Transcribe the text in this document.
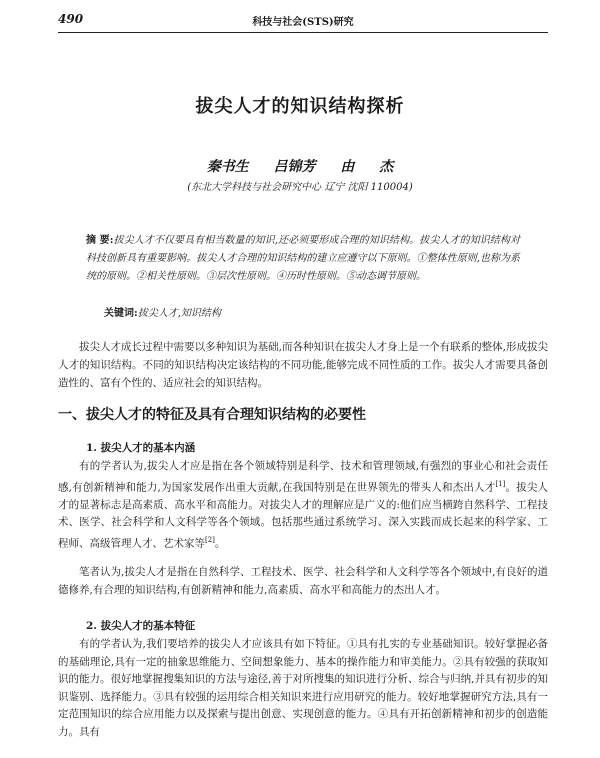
490	科技与社会(STS)研究
拔尖人才的知识结构探析
秦书生 吕锦芳 由 杰
(东北大学科技与社会研究中心 辽宁 沈阳 110004)
摘 要:拔尖人才不仅要具有相当数量的知识,还必须要形成合理的知识结构。拔尖人才的知识结构对科技创新具有重要影响。拔尖人才合理的知识结构的建立应遵守以下原则。①整体性原则,也称为系统的原则。②相关性原则。③层次性原则。④历时性原则。⑤动态调节原则。
关键词:拔尖人才,知识结构
拔尖人才成长过程中需要以多种知识为基础,而各种知识在拔尖人才身上是一个有联系的整体,形成拔尖人才的知识结构。不同的知识结构决定该结构的不同功能,能够完成不同性质的工作。拔尖人才需要具备创造性的、富有个性的、适应社会的知识结构。
一、拔尖人才的特征及具有合理知识结构的必要性
1. 拔尖人才的基本内涵
有的学者认为,拔尖人才应是指在各个领域特别是科学、技术和管理领域,有强烈的事业心和社会责任感,有创新精神和能力,为国家发展作出重大贡献,在我国特别是在世界领先的带头人和杰出人才[1]。拔尖人才的显著标志是高素质、高水平和高能力。对拔尖人才的理解应是广义的:他们应当横跨自然科学、工程技术、医学、社会科学和人文科学等各个领域。包括那些通过系统学习、深入实践而成长起来的科学家、工程师、高级管理人才、艺术家等[2]。
笔者认为,拔尖人才是指在自然科学、工程技术、医学、社会科学和人文科学等各个领域中,有良好的道德修养,有合理的知识结构,有创新精神和能力,高素质、高水平和高能力的杰出人才。
2. 拔尖人才的基本特征
有的学者认为,我们要培养的拔尖人才应该具有如下特征。①具有扎实的专业基础知识。较好掌握必备的基础理论,具有一定的抽象思维能力、空间想象能力、基本的操作能力和审美能力。②具有较强的获取知识的能力。很好地掌握搜集知识的方法与途径,善于对所搜集的知识进行分析、综合与归纳,并具有初步的知识鉴别、选择能力。③具有较强的运用综合相关知识来进行应用研究的能力。较好地掌握研究方法,具有一定范围知识的综合应用能力以及探索与提出创意、实现创意的能力。④具有开拓创新精神和初步的创造能力。具有
